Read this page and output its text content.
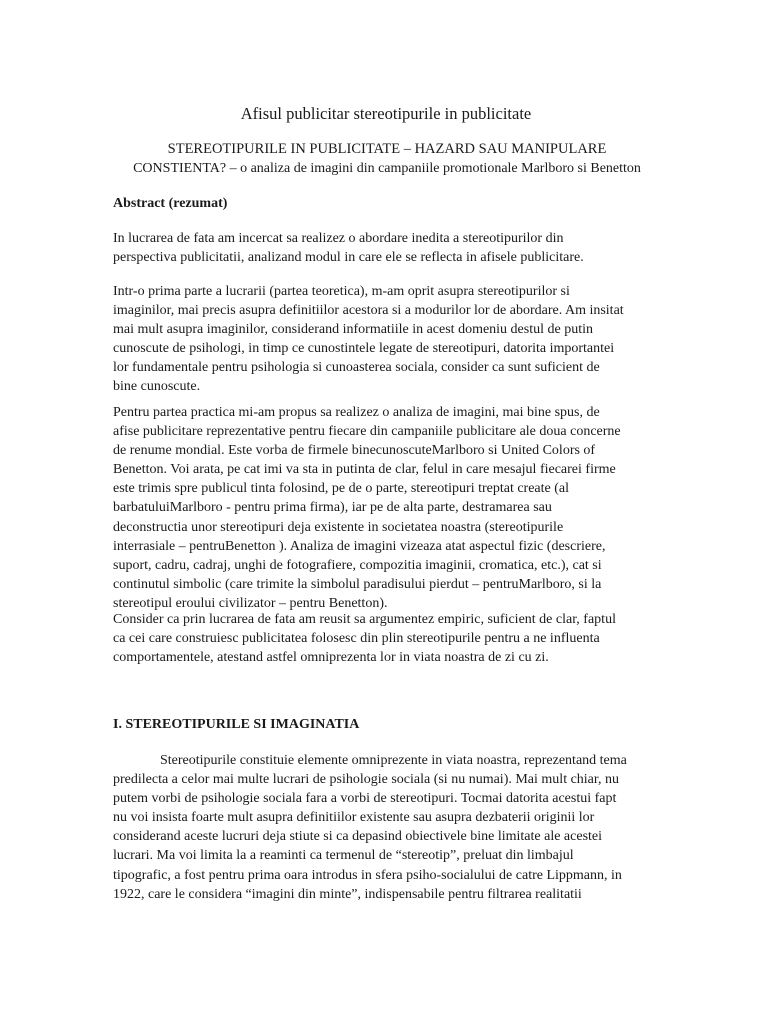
Afisul publicitar stereotipurile in publicitate
STEREOTIPURILE IN PUBLICITATE – HAZARD SAU MANIPULARE
CONSTIENTA? – o analiza de imagini din campaniile promotionale Marlboro si Benetton
Abstract (rezumat)
In lucrarea de fata am incercat sa realizez o abordare inedita a stereotipurilor din
perspectiva publicitatii, analizand modul in care ele se reflecta in afisele publicitare.
Intr-o prima parte a lucrarii (partea teoretica), m-am oprit asupra stereotipurilor si
imaginilor, mai precis asupra definitiilor acestora si a modurilor lor de abordare. Am insitat
mai mult asupra imaginilor, considerand informatiile in acest domeniu destul de putin
cunoscute de psihologi, in timp ce cunostintele legate de stereotipuri, datorita importantei
lor fundamentale pentru psihologia si cunoasterea sociala, consider ca sunt suficient de
bine cunoscute.
Pentru partea practica mi-am propus sa realizez o analiza de imagini, mai bine spus, de
afise publicitare reprezentative pentru fiecare din campaniile publicitare ale doua concerne
de renume mondial. Este vorba de firmele binecunoscuteMarlboro si United Colors of
Benetton. Voi arata, pe cat imi va sta in putinta de clar, felul in care mesajul fiecarei firme
este trimis spre publicul tinta folosind, pe de o parte, stereotipuri treptat create (al
barbatuluiMarlboro - pentru prima firma), iar pe de alta parte, destramarea sau
deconstructia unor stereotipuri deja existente in societatea noastra (stereotipurile
interrasiale – pentruBenetton ). Analiza de imagini vizeaza atat aspectul fizic (descriere,
suport, cadru, cadraj, unghi de fotografiere, compozitia imaginii, cromatica, etc.), cat si
continutul simbolic (care trimite la simbolul paradisului pierdut – pentruMarlboro, si la
stereotipul eroului civilizator – pentru Benetton).
Consider ca prin lucrarea de fata am reusit sa argumentez empiric, suficient de clar, faptul
ca cei care construiesc publicitatea folosesc din plin stereotipurile pentru a ne influenta
comportamentele, atestand astfel omniprezenta lor in viata noastra de zi cu zi.
I. STEREOTIPURILE SI IMAGINATIA
Stereotipurile constituie elemente omniprezente in viata noastra, reprezentand tema
predilecta a celor mai multe lucrari de psihologie sociala (si nu numai). Mai mult chiar, nu
putem vorbi de psihologie sociala fara a vorbi de stereotipuri. Tocmai datorita acestui fapt
nu voi insista foarte mult asupra definitiilor existente sau asupra dezbaterii originii lor
considerand aceste lucruri deja stiute si ca depasind obiectivele bine limitate ale acestei
lucrari. Ma voi limita la a reaminti ca termenul de “stereotip”, preluat din limbajul
tipografic, a fost pentru prima oara introdus in sfera psiho-socialului de catre Lippmann, in
1922, care le considera “imagini din minte”, indispensabile pentru filtrarea realitatii
